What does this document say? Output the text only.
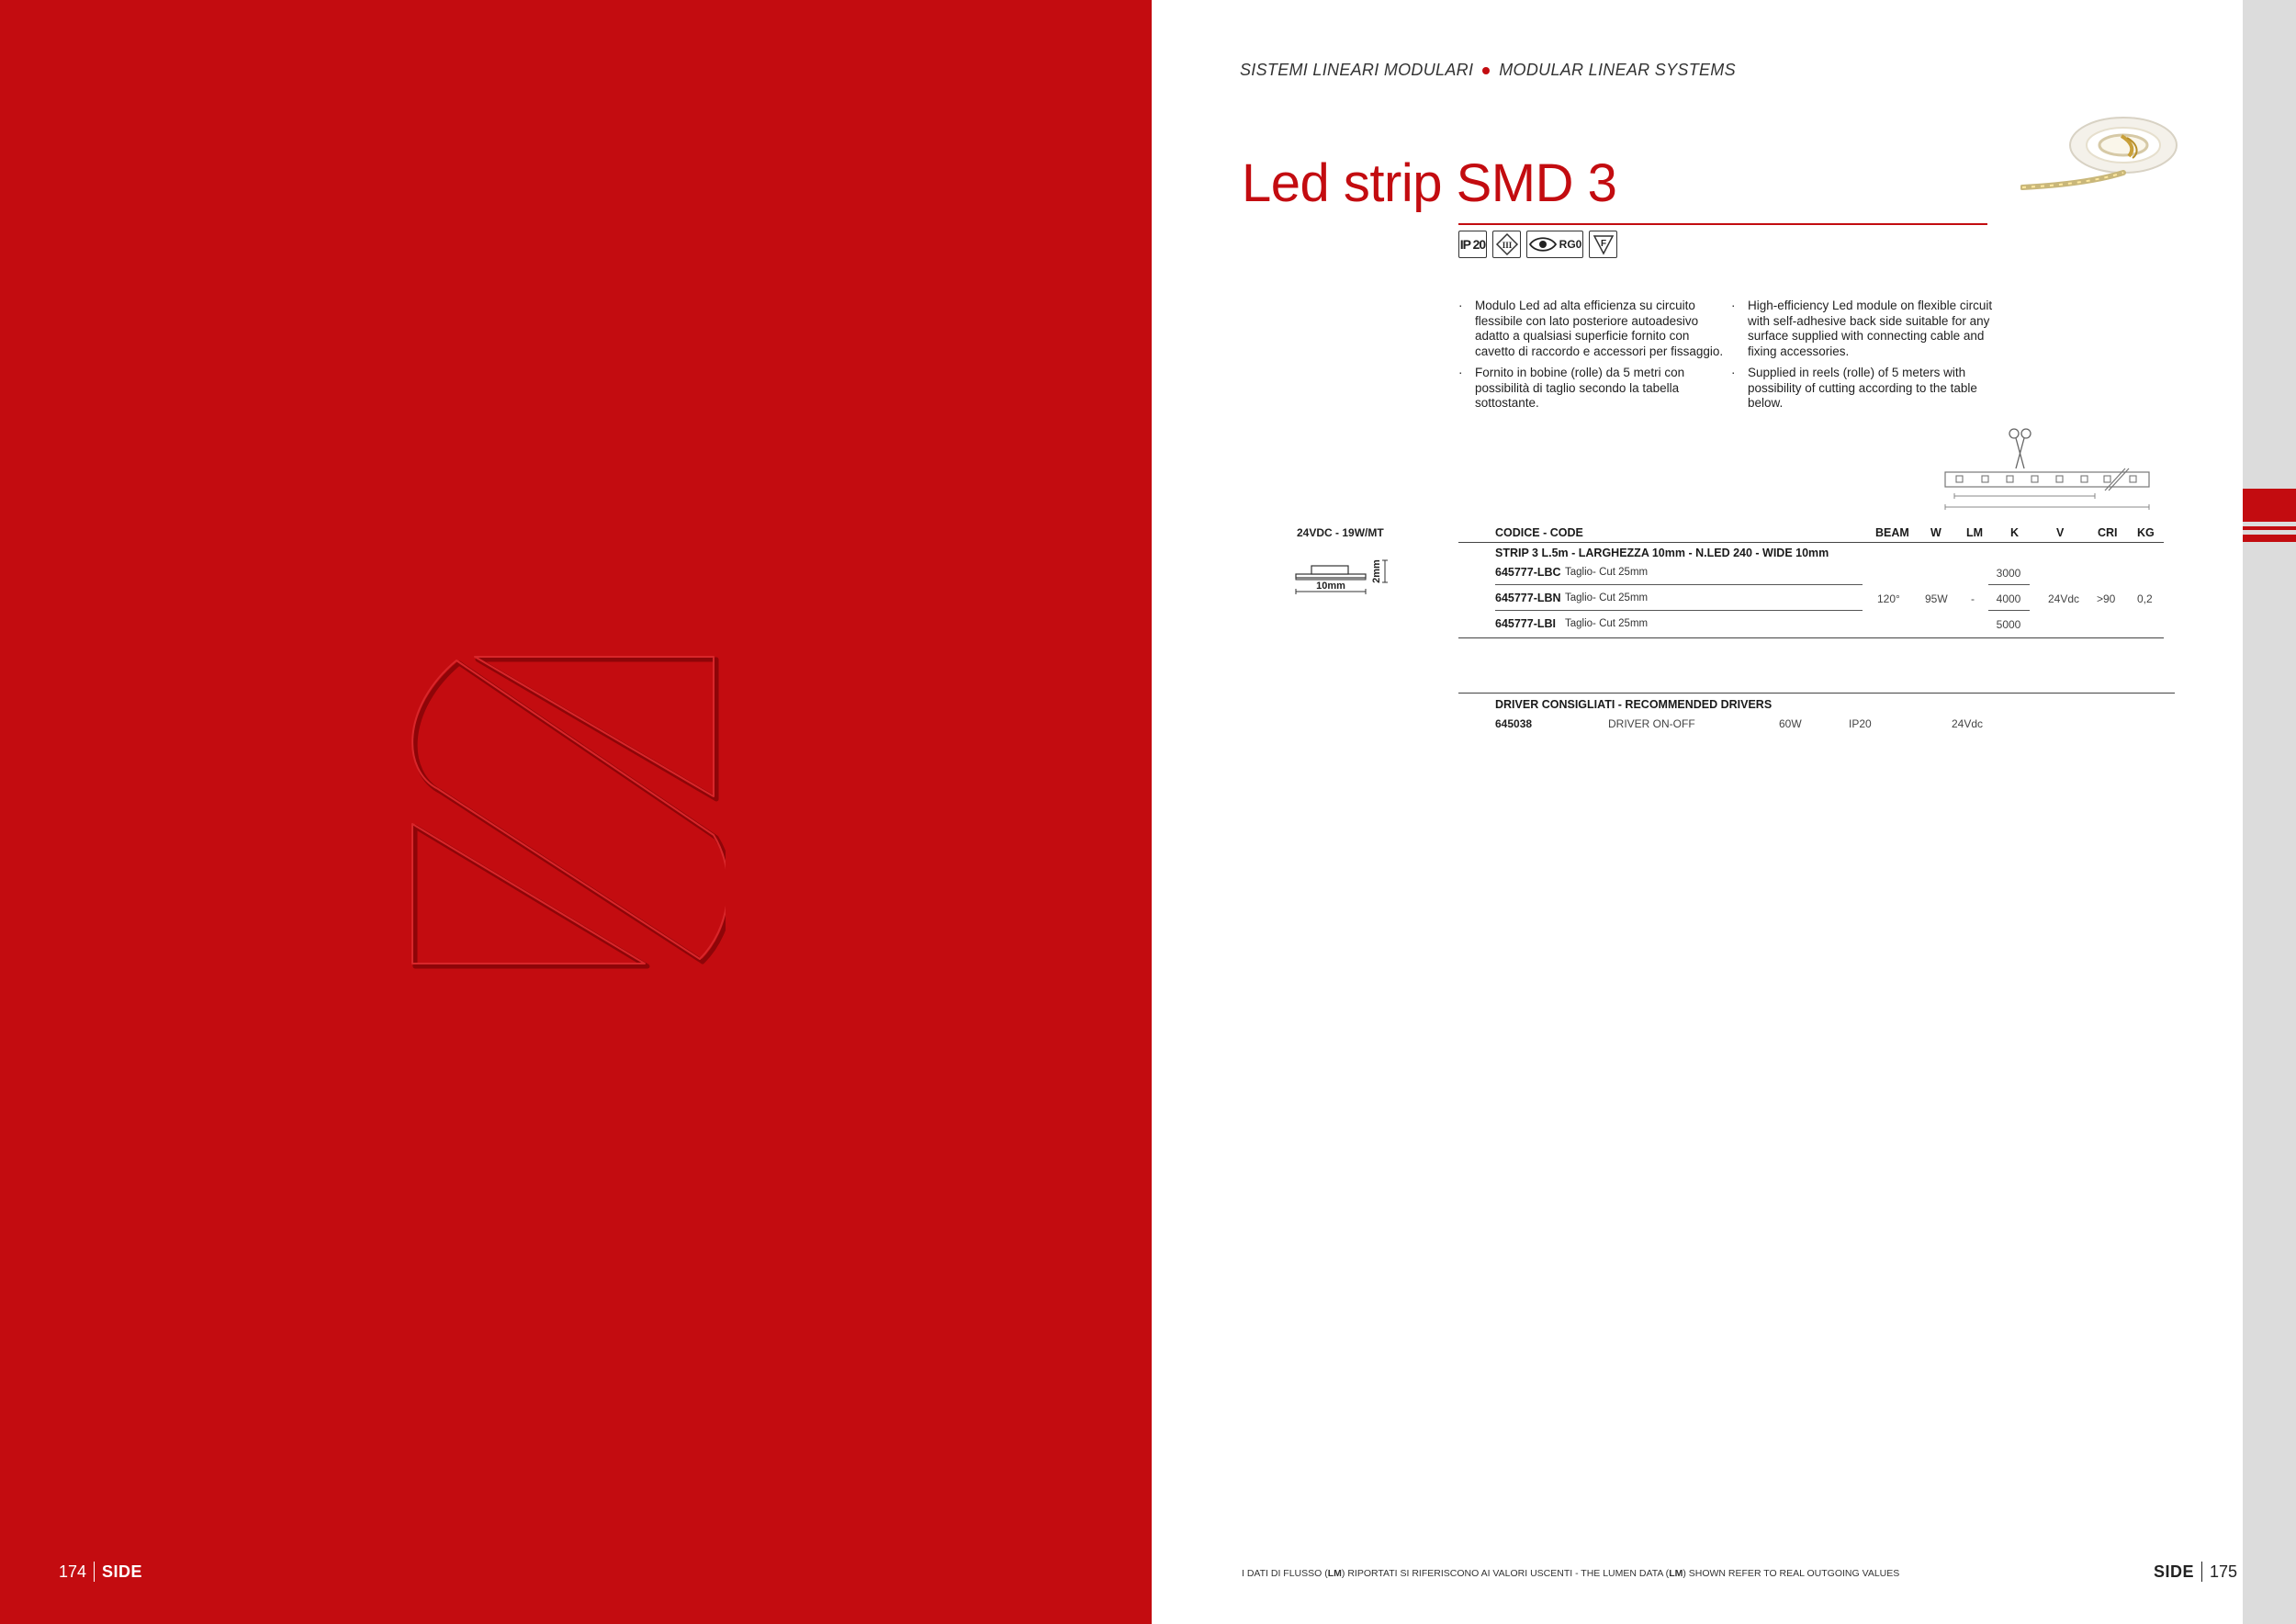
174 SIDE
SISTEMI LINEARI MODULARI MODULAR LINEAR SYSTEMS
Led strip SMD 3
IP 20 III	RG0 F
· Modulo Led ad alta efficienza su circuito flessibile con lato posteriore autoadesivo adatto a qualsiasi superficie fornito con cavetto di raccordo e accessori per fissaggio.
· Fornito in bobine (rolle) da 5 metri con possibilità di taglio secondo la tabella sottostante.
· High-efficiency Led module on flexible circuit with self-adhesive back side suitable for any surface supplied with connecting cable and fixing accessories.
· Supplied in reels (rolle) of 5 meters with possibility of cutting according to the table below.
24VDC - 19W/MT
10mm
2mm
CODICE - CODE	BEAM W LM K	V	CRI KG
STRIP 3 L.5m - LARGHEZZA 10mm - N.LED 240 - WIDE 10mm
645777-LBC Taglio- Cut 25mm	3000
645777-LBN Taglio- Cut 25mm	4000
645777-LBI Taglio- Cut 25mm	5000
120° 95W -	24Vdc >90 0,2
DRIVER CONSIGLIATI - RECOMMENDED DRIVERS
645038	DRIVER ON-OFF	60W	IP20	24Vdc
I DATI DI FLUSSO (LM) RIPORTATI SI RIFERISCONO AI VALORI USCENTI - THE LUMEN DATA (LM) SHOWN REFER TO REAL OUTGOING VALUES	SIDE 175
